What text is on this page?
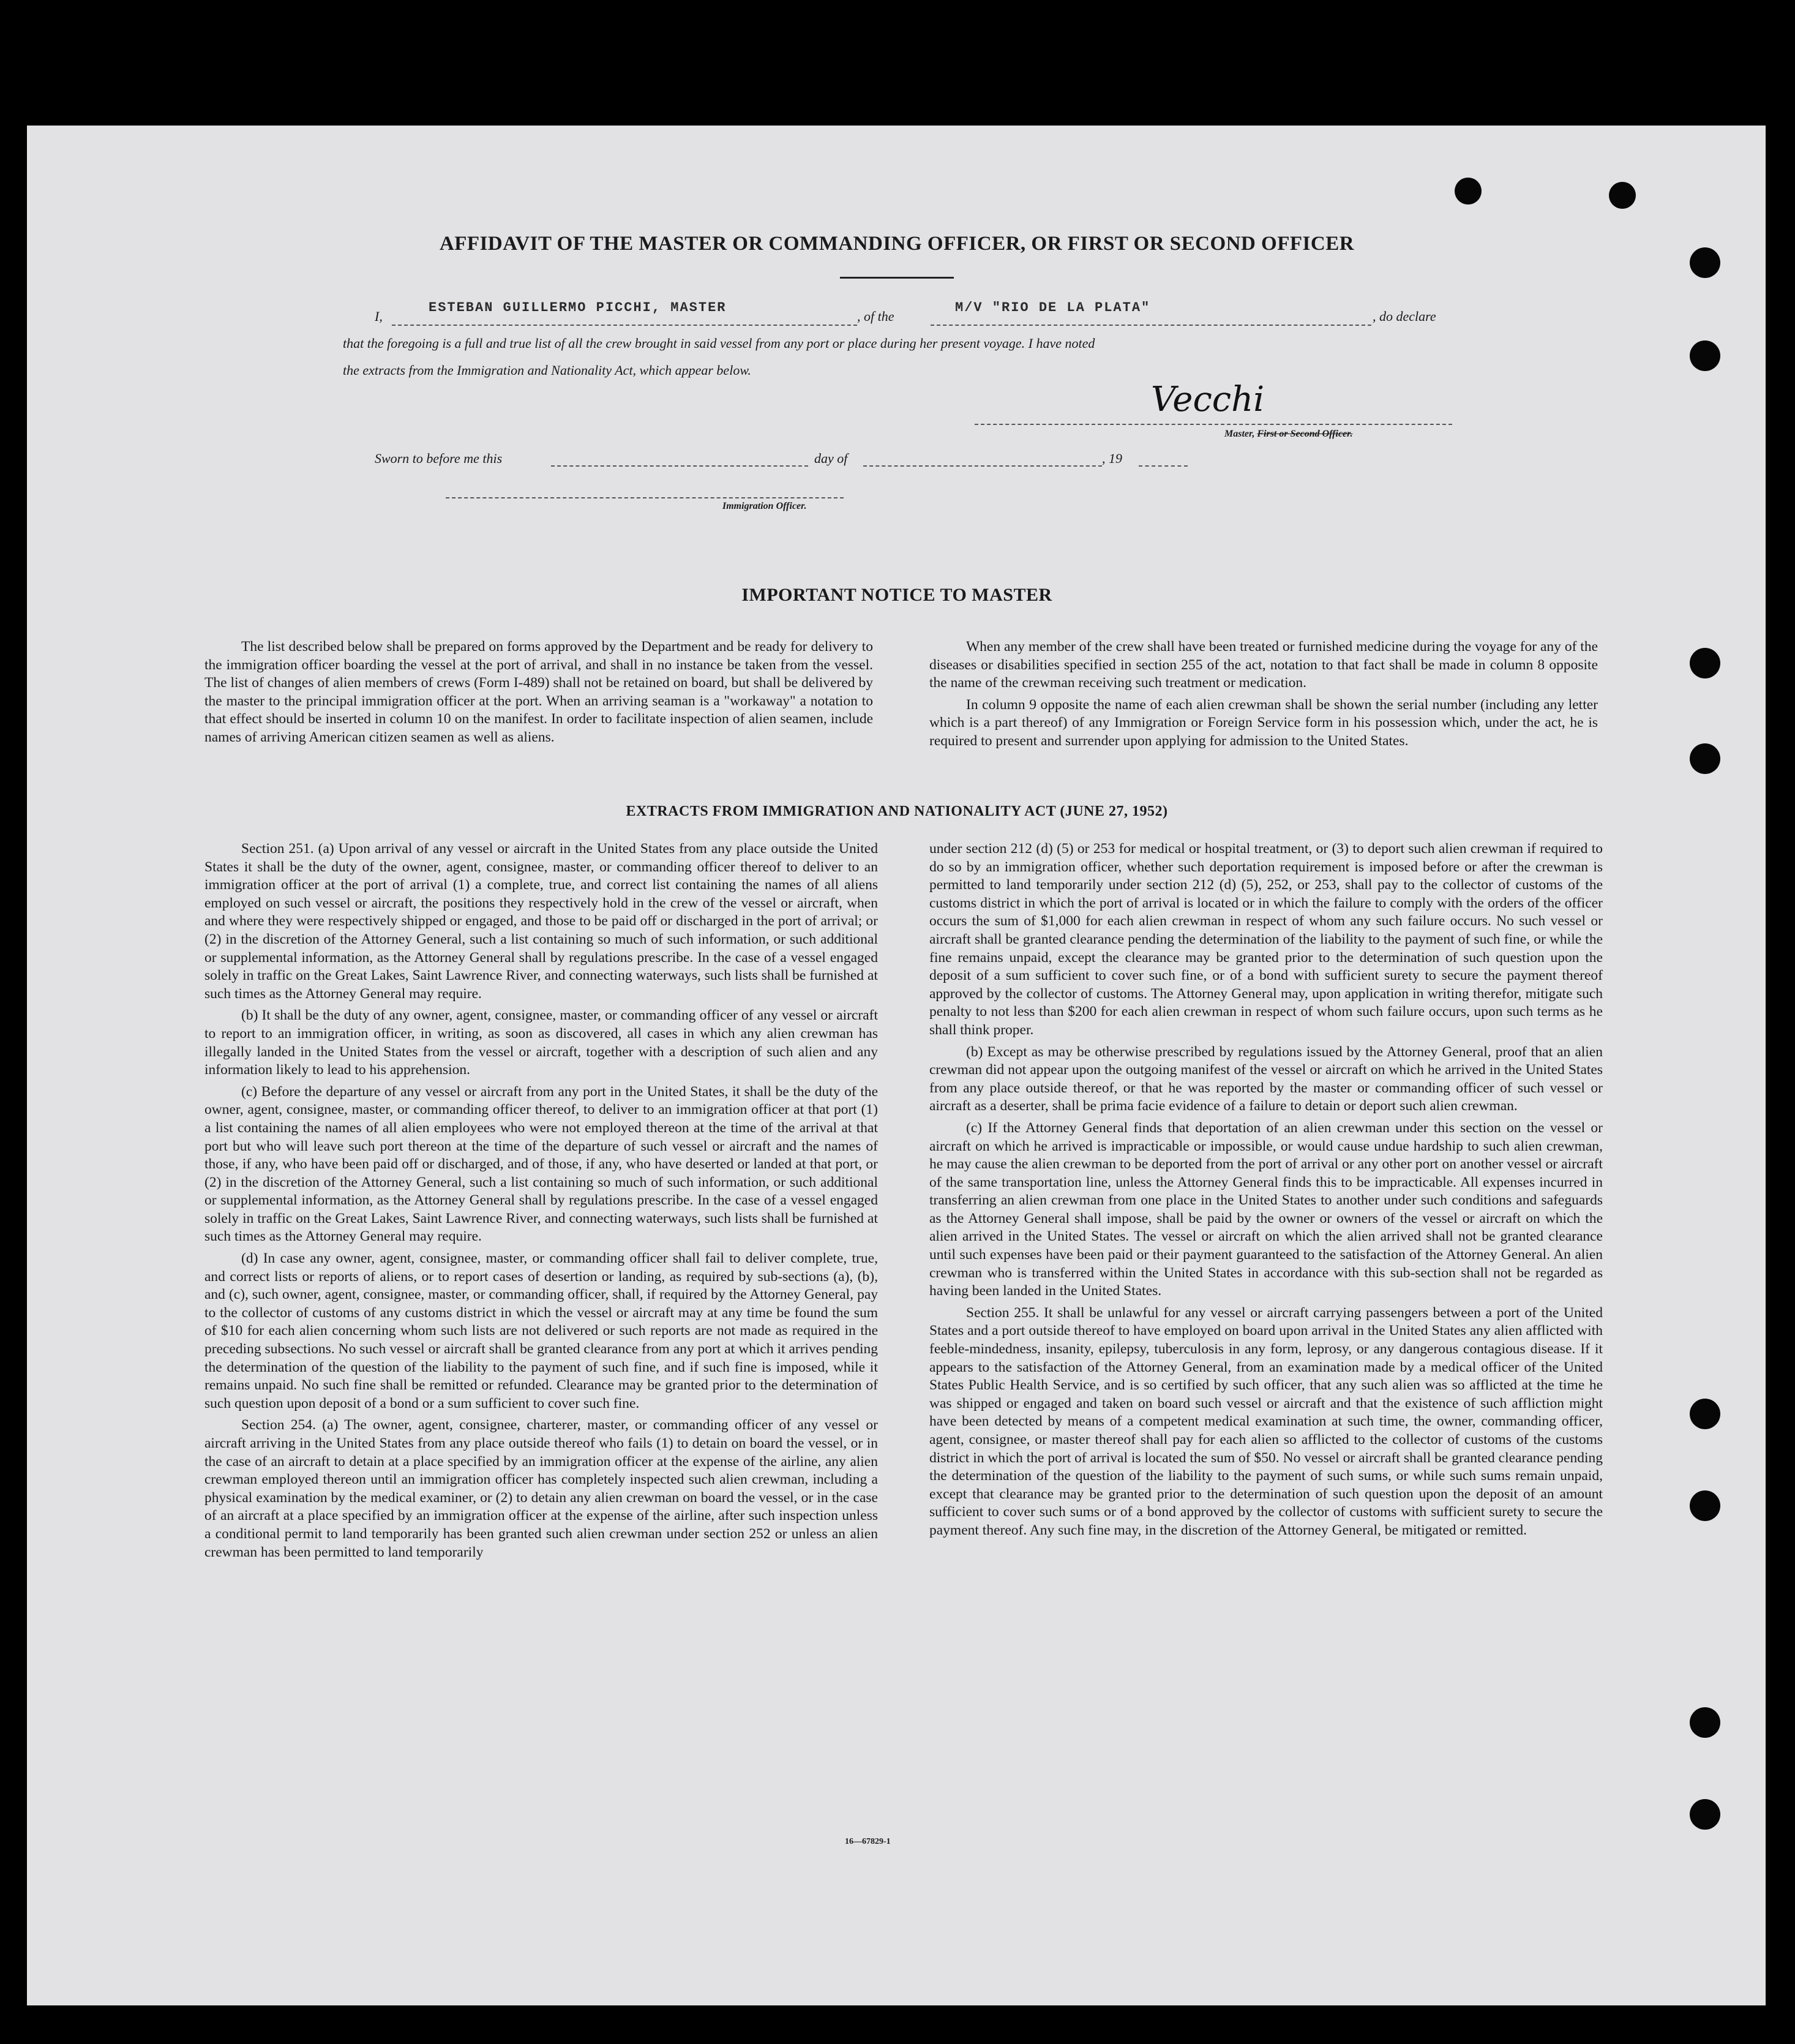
AFFIDAVIT OF THE MASTER OR COMMANDING OFFICER, OR FIRST OR SECOND OFFICER
I,
ESTEBAN GUILLERMO PICCHI, MASTER
, of the
M/V "RIO DE LA PLATA"
, do declare
that the foregoing is a full and true list of all the crew brought in said vessel from any port or place during her present voyage. I have noted
the extracts from the Immigration and Nationality Act, which appear below.
Vecchi
Master, First or Second Officer.
Sworn to before me this	day of	, 19
Immigration Officer.
IMPORTANT NOTICE TO MASTER

The list described below shall be prepared on forms approved by the Department and be ready for delivery to the immigration officer boarding the vessel at the port of arrival, and shall in no instance be taken from the vessel. The list of changes of alien members of crews (Form I-489) shall not be retained on board, but shall be delivered by the master to the principal immigration officer at the port. When an arriving seaman is a "workaway" a notation to that effect should be inserted in column 10 on the manifest. In order to facilitate inspection of alien seamen, include names of arriving American citizen seamen as well as aliens.

When any member of the crew shall have been treated or furnished medicine during the voyage for any of the diseases or disabilities specified in section 255 of the act, notation to that fact shall be made in column 8 opposite the name of the crewman receiving such treatment or medication.

In column 9 opposite the name of each alien crewman shall be shown the serial number (including any letter which is a part thereof) of any Immigration or Foreign Service form in his possession which, under the act, he is required to present and surrender upon applying for admission to the United States.

EXTRACTS FROM IMMIGRATION AND NATIONALITY ACT (JUNE 27, 1952)

Section 251. (a) Upon arrival of any vessel or aircraft in the United States from any place outside the United States it shall be the duty of the owner, agent, consignee, master, or commanding officer thereof to deliver to an immigration officer at the port of arrival (1) a complete, true, and correct list containing the names of all aliens employed on such vessel or aircraft, the positions they respectively hold in the crew of the vessel or aircraft, when and where they were respectively shipped or engaged, and those to be paid off or discharged in the port of arrival; or (2) in the discretion of the Attorney General, such a list containing so much of such information, or such additional or supplemental information, as the Attorney General shall by regulations prescribe. In the case of a vessel engaged solely in traffic on the Great Lakes, Saint Lawrence River, and connecting waterways, such lists shall be furnished at such times as the Attorney General may require.

(b) It shall be the duty of any owner, agent, consignee, master, or commanding officer of any vessel or aircraft to report to an immigration officer, in writing, as soon as discovered, all cases in which any alien crewman has illegally landed in the United States from the vessel or aircraft, together with a description of such alien and any information likely to lead to his apprehension.

(c) Before the departure of any vessel or aircraft from any port in the United States, it shall be the duty of the owner, agent, consignee, master, or commanding officer thereof, to deliver to an immigration officer at that port (1) a list containing the names of all alien employees who were not employed thereon at the time of the arrival at that port but who will leave such port thereon at the time of the departure of such vessel or aircraft and the names of those, if any, who have been paid off or discharged, and of those, if any, who have deserted or landed at that port, or (2) in the discretion of the Attorney General, such a list containing so much of such information, or such additional or supplemental information, as the Attorney General shall by regulations prescribe. In the case of a vessel engaged solely in traffic on the Great Lakes, Saint Lawrence River, and connecting waterways, such lists shall be furnished at such times as the Attorney General may require.

(d) In case any owner, agent, consignee, master, or commanding officer shall fail to deliver complete, true, and correct lists or reports of aliens, or to report cases of desertion or landing, as required by sub-sections (a), (b), and (c), such owner, agent, consignee, master, or commanding officer, shall, if required by the Attorney General, pay to the collector of customs of any customs district in which the vessel or aircraft may at any time be found the sum of $10 for each alien concerning whom such lists are not delivered or such reports are not made as required in the preceding subsections. No such vessel or aircraft shall be granted clearance from any port at which it arrives pending the determination of the question of the liability to the payment of such fine, and if such fine is imposed, while it remains unpaid. No such fine shall be remitted or refunded. Clearance may be granted prior to the determination of such question upon deposit of a bond or a sum sufficient to cover such fine.

Section 254. (a) The owner, agent, consignee, charterer, master, or commanding officer of any vessel or aircraft arriving in the United States from any place outside thereof who fails (1) to detain on board the vessel, or in the case of an aircraft to detain at a place specified by an immigration officer at the expense of the airline, any alien crewman employed thereon until an immigration officer has completely inspected such alien crewman, including a physical examination by the medical examiner, or (2) to detain any alien crewman on board the vessel, or in the case of an aircraft at a place specified by an immigration officer at the expense of the airline, after such inspection unless a conditional permit to land temporarily has been granted such alien crewman under section 252 or unless an alien crewman has been permitted to land temporarily

under section 212 (d) (5) or 253 for medical or hospital treatment, or (3) to deport such alien crewman if required to do so by an immigration officer, whether such deportation requirement is imposed before or after the crewman is permitted to land temporarily under section 212 (d) (5), 252, or 253, shall pay to the collector of customs of the customs district in which the port of arrival is located or in which the failure to comply with the orders of the officer occurs the sum of $1,000 for each alien crewman in respect of whom any such failure occurs. No such vessel or aircraft shall be granted clearance pending the determination of the liability to the payment of such fine, or while the fine remains unpaid, except the clearance may be granted prior to the determination of such question upon the deposit of a sum sufficient to cover such fine, or of a bond with sufficient surety to secure the payment thereof approved by the collector of customs. The Attorney General may, upon application in writing therefor, mitigate such penalty to not less than $200 for each alien crewman in respect of whom such failure occurs, upon such terms as he shall think proper.

(b) Except as may be otherwise prescribed by regulations issued by the Attorney General, proof that an alien crewman did not appear upon the outgoing manifest of the vessel or aircraft on which he arrived in the United States from any place outside thereof, or that he was reported by the master or commanding officer of such vessel or aircraft as a deserter, shall be prima facie evidence of a failure to detain or deport such alien crewman.

(c) If the Attorney General finds that deportation of an alien crewman under this section on the vessel or aircraft on which he arrived is impracticable or impossible, or would cause undue hardship to such alien crewman, he may cause the alien crewman to be deported from the port of arrival or any other port on another vessel or aircraft of the same transportation line, unless the Attorney General finds this to be impracticable. All expenses incurred in transferring an alien crewman from one place in the United States to another under such conditions and safeguards as the Attorney General shall impose, shall be paid by the owner or owners of the vessel or aircraft on which the alien arrived in the United States. The vessel or aircraft on which the alien arrived shall not be granted clearance until such expenses have been paid or their payment guaranteed to the satisfaction of the Attorney General. An alien crewman who is transferred within the United States in accordance with this sub-section shall not be regarded as having been landed in the United States.

Section 255. It shall be unlawful for any vessel or aircraft carrying passengers between a port of the United States and a port outside thereof to have employed on board upon arrival in the United States any alien afflicted with feeble-mindedness, insanity, epilepsy, tuberculosis in any form, leprosy, or any dangerous contagious disease. If it appears to the satisfaction of the Attorney General, from an examination made by a medical officer of the United States Public Health Service, and is so certified by such officer, that any such alien was so afflicted at the time he was shipped or engaged and taken on board such vessel or aircraft and that the existence of such affliction might have been detected by means of a competent medical examination at such time, the owner, commanding officer, agent, consignee, or master thereof shall pay for each alien so afflicted to the collector of customs of the customs district in which the port of arrival is located the sum of $50. No vessel or aircraft shall be granted clearance pending the determination of the question of the liability to the payment of such sums, or while such sums remain unpaid, except that clearance may be granted prior to the determination of such question upon the deposit of an amount sufficient to cover such sums or of a bond approved by the collector of customs with sufficient surety to secure the payment thereof. Any such fine may, in the discretion of the Attorney General, be mitigated or remitted.

16—67829-1
